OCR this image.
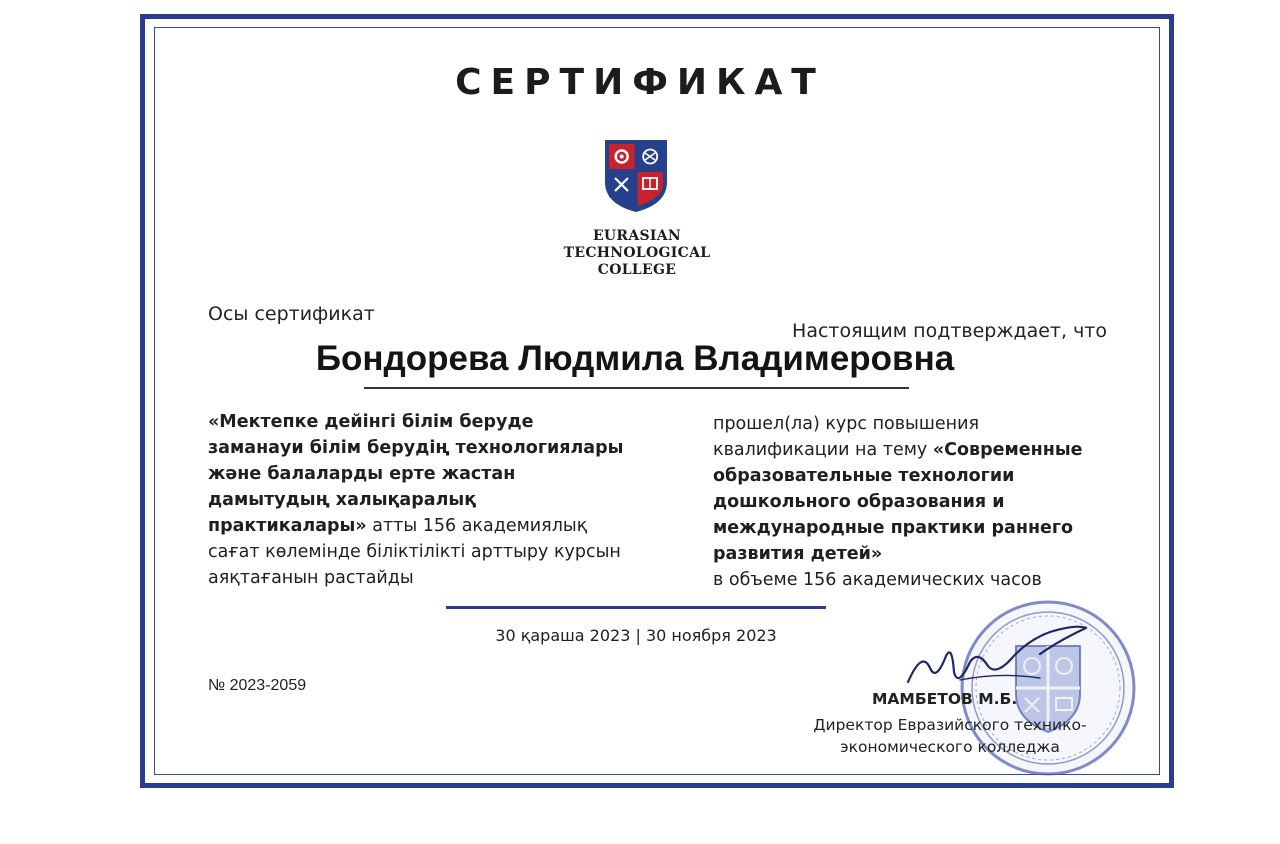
СЕРТИФИКАТ
EURASIAN
TECHNOLOGICAL
COLLEGE
Осы сертификат
Настоящим подтверждает, что
Бондорева Людмила Владимеровна
«Мектепке дейінгі білім беруде заманауи білім берудің технологиялары және балаларды ерте жастан дамытудың халықаралық практикалары» атты 156 академиялық сағат көлемінде біліктілікті арттыру курсын аяқтағанын растайды
прошел(ла) курс повышения квалификации на тему «Современные образовательные технологии дошкольного образования и международные практики раннего развития детей»
в объеме 156 академических часов
30 қараша 2023 | 30 ноября 2023
№ 2023-2059
МАМБЕТОВ М.Б.
Директор Евразийского технико-экономического колледжа
